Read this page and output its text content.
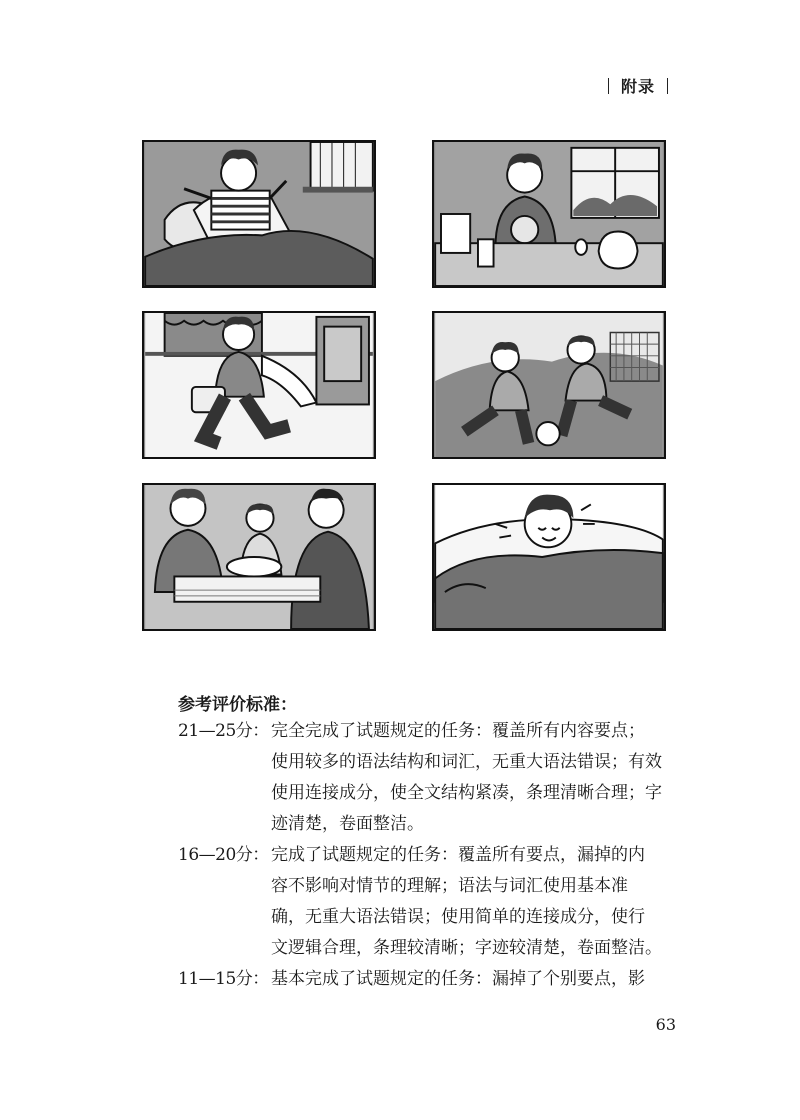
附录
参考评价标准：
21—25分： 完全完成了试题规定的任务：覆盖所有内容要点；
使用较多的语法结构和词汇，无重大语法错误；有效
使用连接成分，使全文结构紧凑，条理清晰合理；字
迹清楚，卷面整洁。
16—20分： 完成了试题规定的任务：覆盖所有要点，漏掉的内
容不影响对情节的理解；语法与词汇使用基本准
确，无重大语法错误；使用简单的连接成分，使行
文逻辑合理，条理较清晰；字迹较清楚，卷面整洁。
11—15分： 基本完成了试题规定的任务：漏掉了个别要点，影
63
